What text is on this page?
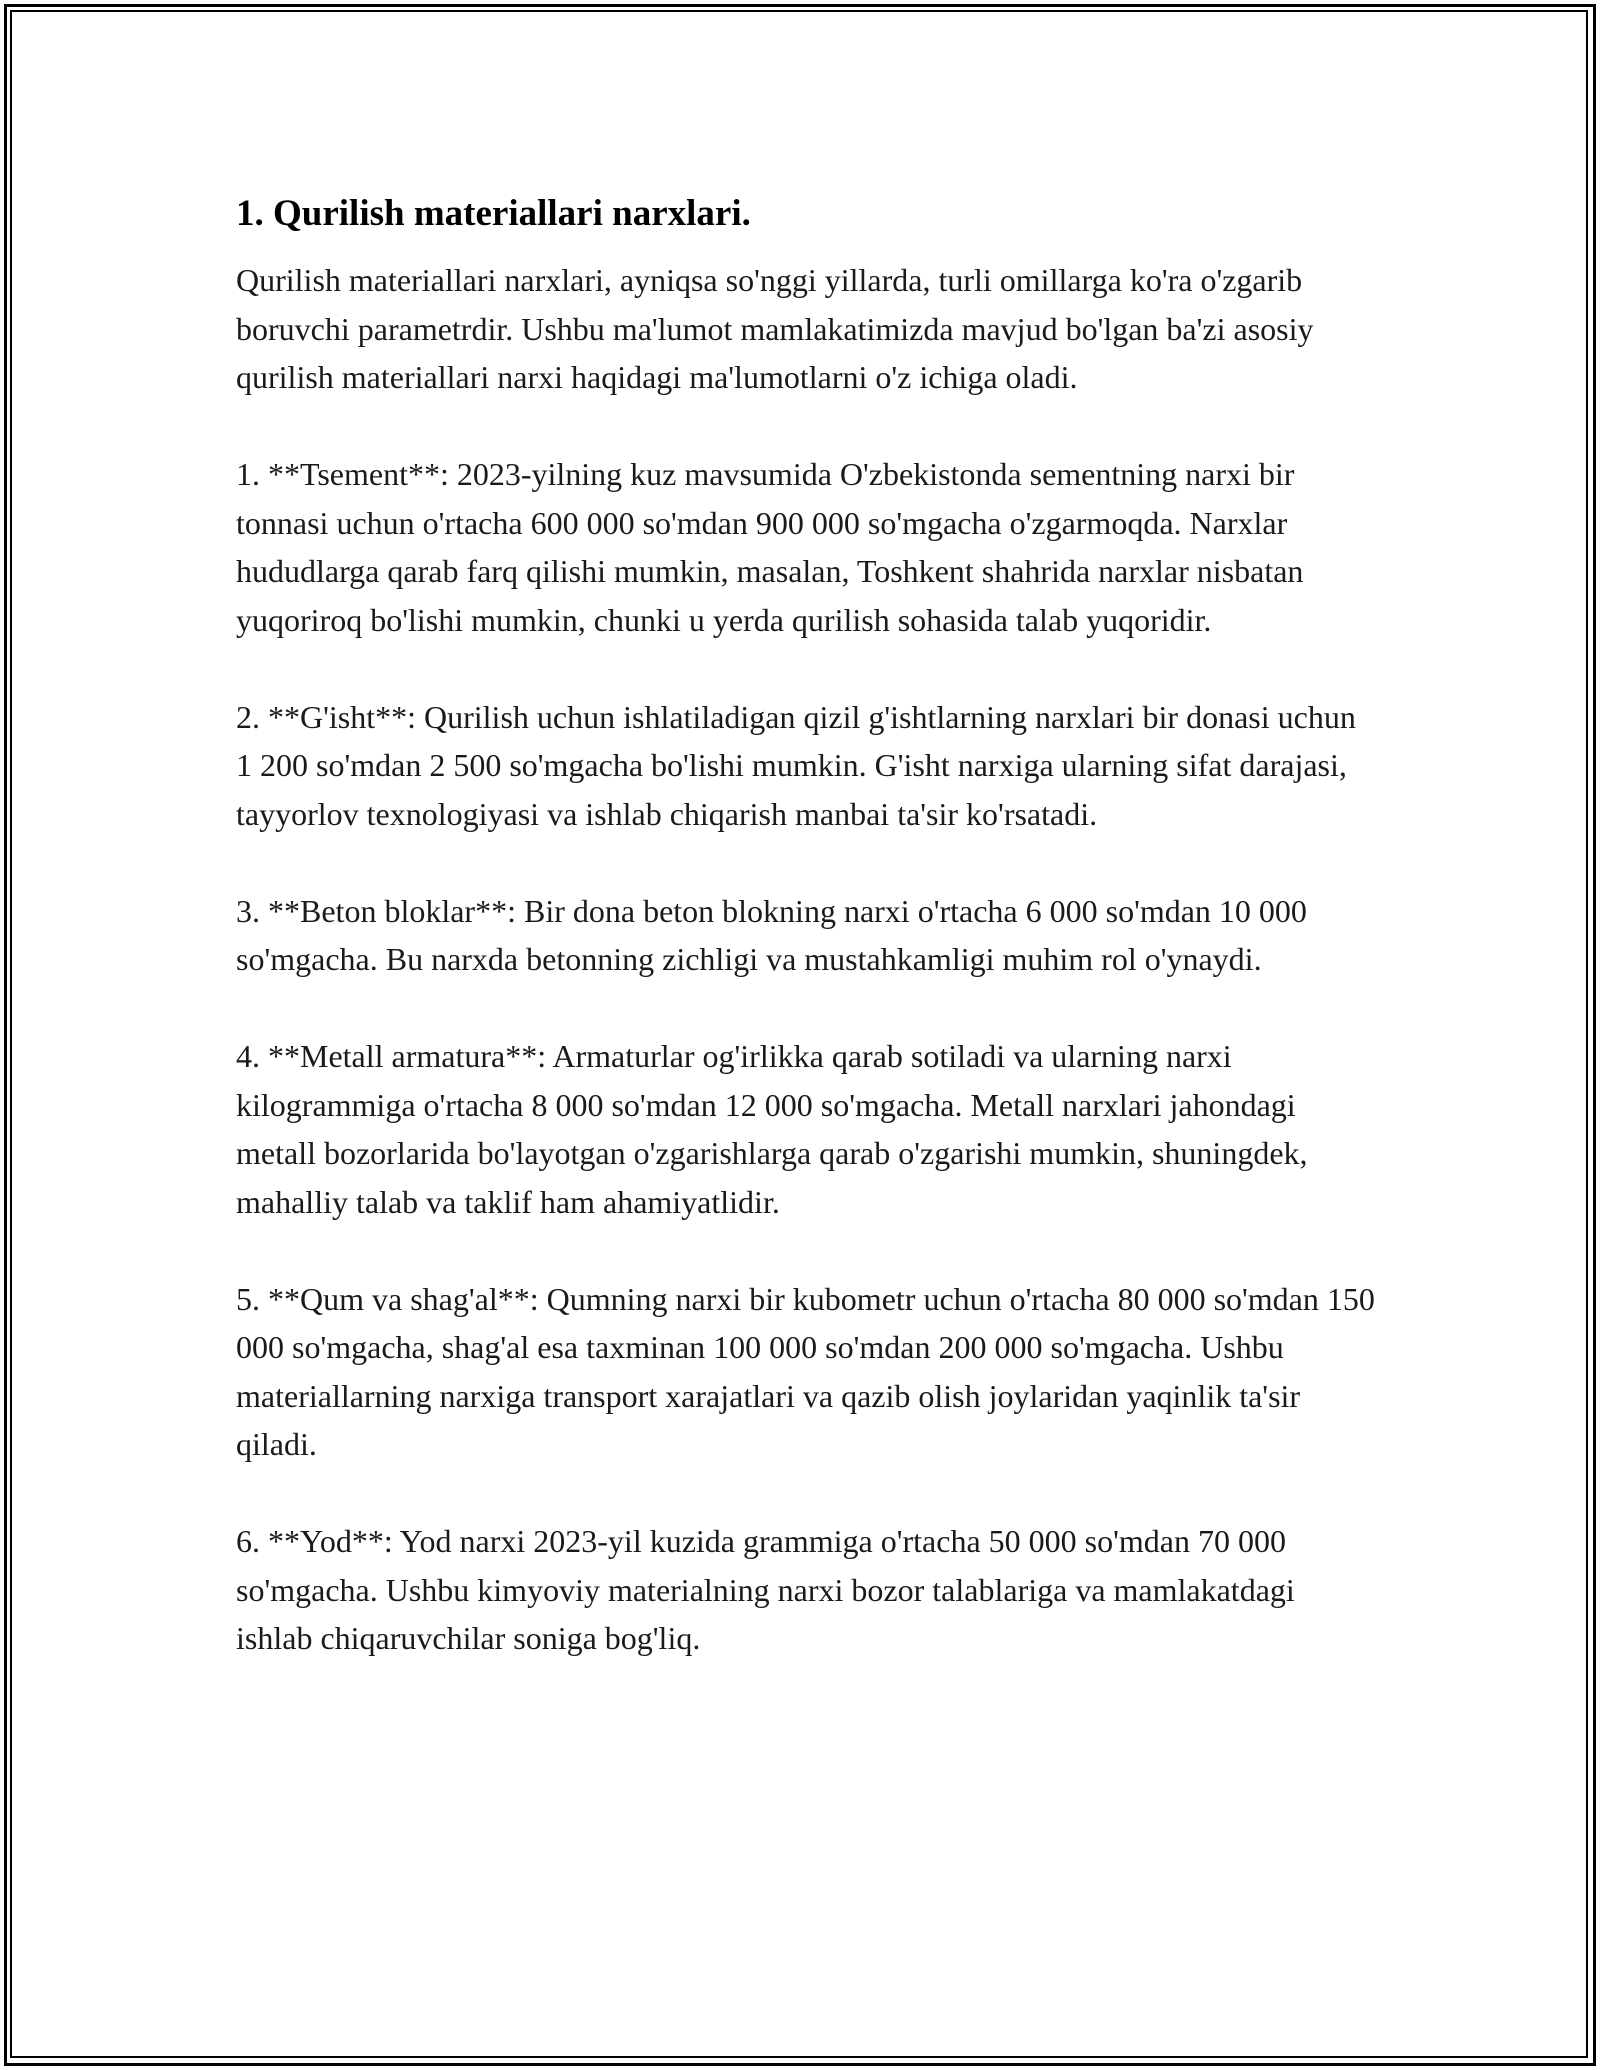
1. Qurilish materiallari narxlari.

Qurilish materiallari narxlari, ayniqsa so'nggi yillarda, turli omillarga ko'ra o'zgarib boruvchi parametrdir. Ushbu ma'lumot mamlakatimizda mavjud bo'lgan ba'zi asosiy qurilish materiallari narxi haqidagi ma'lumotlarni o'z ichiga oladi.

1. **Tsement**: 2023-yilning kuz mavsumida O'zbekistonda sementning narxi bir tonnasi uchun o'rtacha 600 000 so'mdan 900 000 so'mgacha o'zgarmoqda. Narxlar hududlarga qarab farq qilishi mumkin, masalan, Toshkent shahrida narxlar nisbatan yuqoriroq bo'lishi mumkin, chunki u yerda qurilish sohasida talab yuqoridir.

2. **G'isht**: Qurilish uchun ishlatiladigan qizil g'ishtlarning narxlari bir donasi uchun 1 200 so'mdan 2 500 so'mgacha bo'lishi mumkin. G'isht narxiga ularning sifat darajasi, tayyorlov texnologiyasi va ishlab chiqarish manbai ta'sir ko'rsatadi.

3. **Beton bloklar**: Bir dona beton blokning narxi o'rtacha 6 000 so'mdan 10 000 so'mgacha. Bu narxda betonning zichligi va mustahkamligi muhim rol o'ynaydi.

4. **Metall armatura**: Armaturlar og'irlikka qarab sotiladi va ularning narxi kilogrammiga o'rtacha 8 000 so'mdan 12 000 so'mgacha. Metall narxlari jahondagi metall bozorlarida bo'layotgan o'zgarishlarga qarab o'zgarishi mumkin, shuningdek, mahalliy talab va taklif ham ahamiyatlidir.

5. **Qum va shag'al**: Qumning narxi bir kubometr uchun o'rtacha 80 000 so'mdan 150 000 so'mgacha, shag'al esa taxminan 100 000 so'mdan 200 000 so'mgacha. Ushbu materiallarning narxiga transport xarajatlari va qazib olish joylaridan yaqinlik ta'sir qiladi.

6. **Yod**: Yod narxi 2023-yil kuzida grammiga o'rtacha 50 000 so'mdan 70 000 so'mgacha. Ushbu kimyoviy materialning narxi bozor talablariga va mamlakatdagi ishlab chiqaruvchilar soniga bog'liq.
